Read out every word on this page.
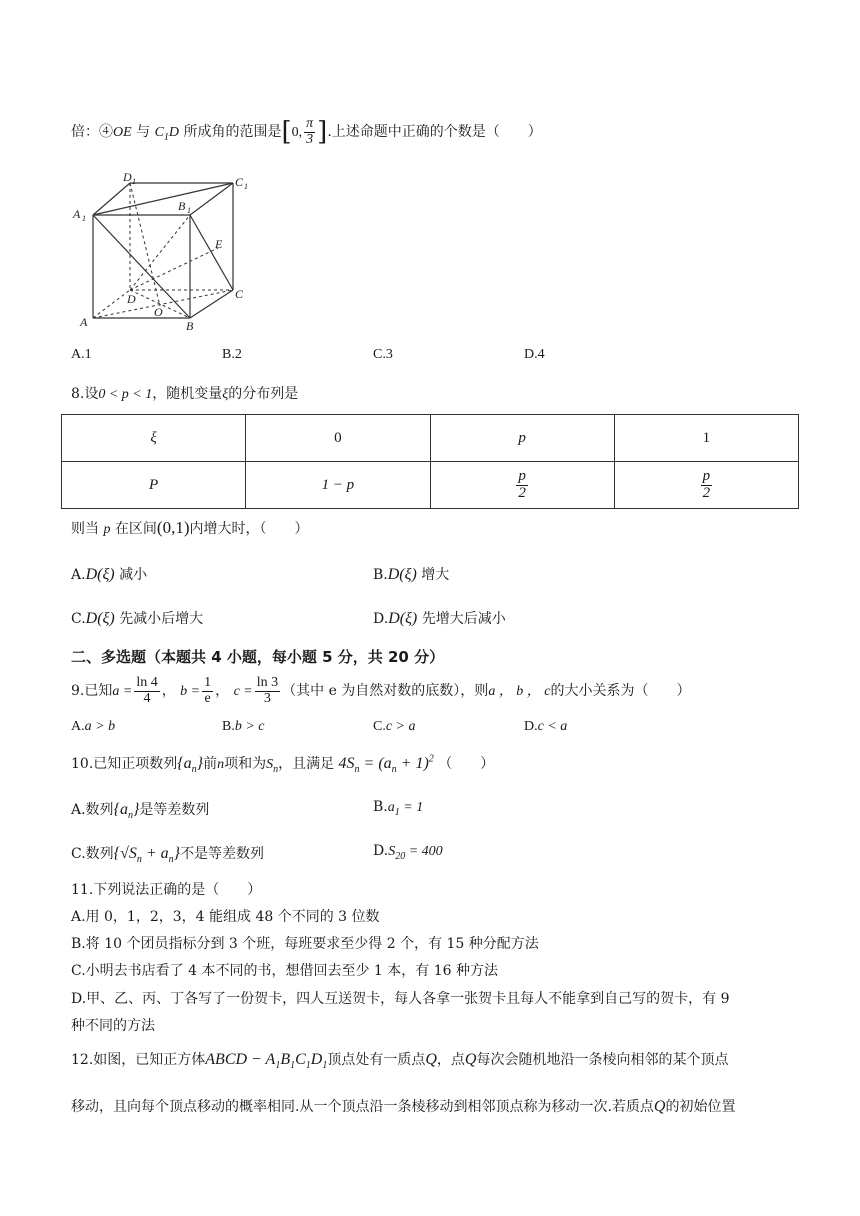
倍：④OE 与 $C_1D$ 所成角的范围是[0, $\frac{\pi}{3}$ ].上述命题中正确的个数是（　　）
D 1	C 1
A 1
B 1
E
D
O
C
A	B
A.1	B.2	C.3	D.4
8.设0 < p < 1，随机变量ξ的分布列是
ξ	0	p	1
P	1 − p	$\frac{p}{2}$	$\frac{p}{2}$
则当 p 在区间(0,1)内增大时，（　　）
A.D(ξ) 减小	B.D(ξ) 增大
C.D(ξ) 先减小后增大	D.D(ξ) 先增大后减小
二、多选题（本题共 4 小题，每小题 5 分，共 20 分）
9.已知$a = \frac{\ln 4}{4}$ ， $b = \frac{1}{e}$ ， $c = \frac{\ln 3}{3}$ （其中 e 为自然对数的底数），则a ， b ， c的大小关系为（　　）
A.a > b	B.b > c	C.c > a	D.c < a
10.已知正项数列$\{a_n\}$前n项和为$S_n$，且满足 $4S_n = (a_n + 1)^2$ （　　）
A.数列$\{a_n\}$是等差数列	$B.a_1 = 1$
C.数列$\{√S_n + a_n\}$不是等差数列	$D.S_{20} = 400$
11.下列说法正确的是（　　）
A.用 0，1，2，3，4 能组成 48 个不同的 3 位数
B.将 10 个团员指标分到 3 个班，每班要求至少得 2 个，有 15 种分配方法
C.小明去书店看了 4 本不同的书，想借回去至少 1 本，有 16 种方法
D.甲、乙、丙、丁各写了一份贺卡，四人互送贺卡，每人各拿一张贺卡且每人不能拿到自己写的贺卡，有 9
种不同的方法
12.如图，已知正方体ABCD − $A_1B_1C_1D_1$顶点处有一质点Q，点Q每次会随机地沿一条棱向相邻的某个顶点
移动，且向每个顶点移动的概率相同.从一个顶点沿一条棱移动到相邻顶点称为移动一次.若质点Q的初始位置
